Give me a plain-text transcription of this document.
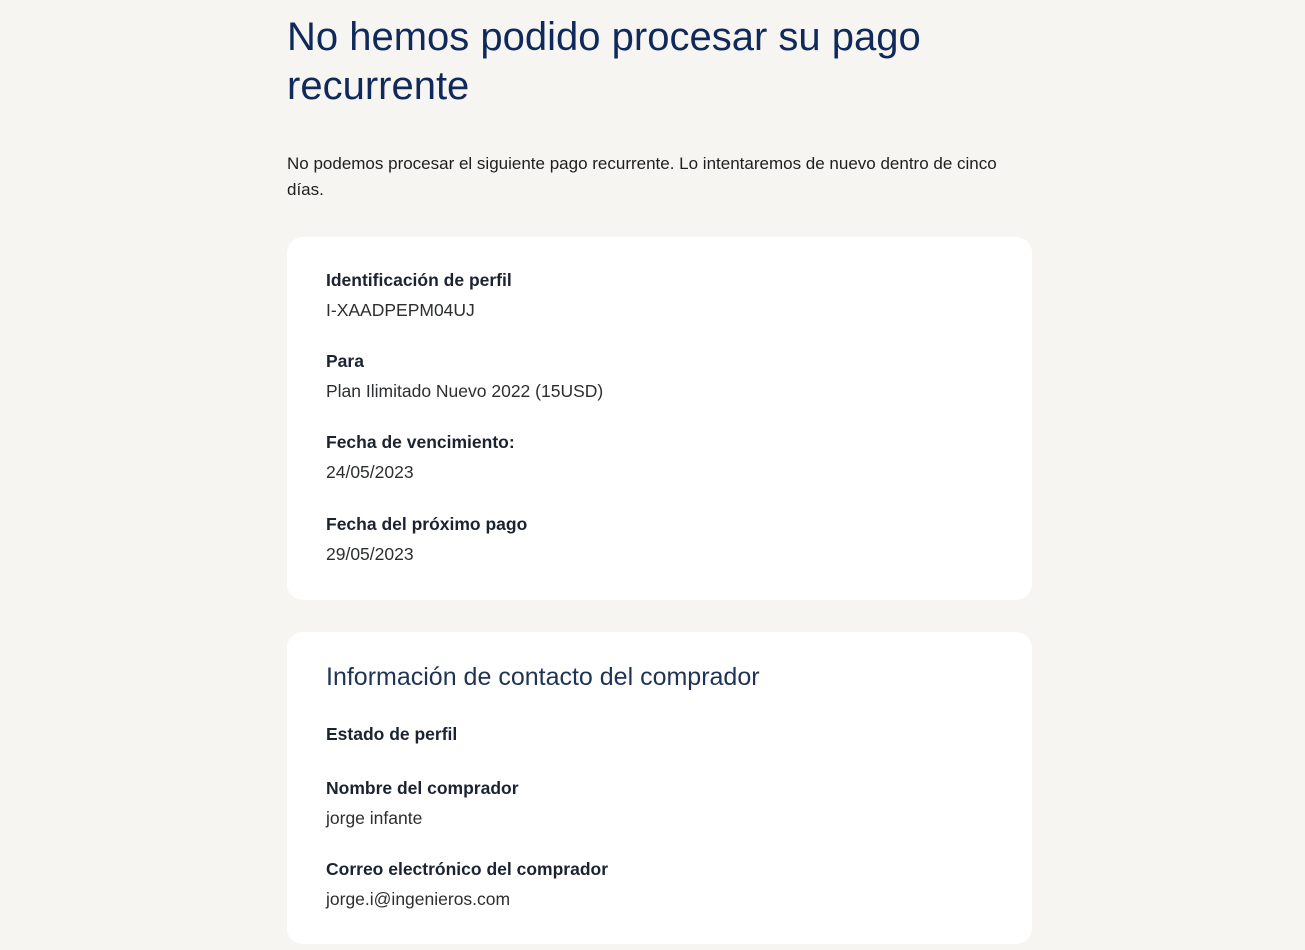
No hemos podido procesar su pago recurrente

No podemos procesar el siguiente pago recurrente. Lo intentaremos de nuevo dentro de cinco días.

Identificación de perfil
I-XAADPEPM04UJ
Para
Plan Ilimitado Nuevo 2022 (15USD)
Fecha de vencimiento:
24/05/2023
Fecha del próximo pago
29/05/2023
Información de contacto del comprador
Estado de perfil
Nombre del comprador
jorge infante
Correo electrónico del comprador
jorge.i@ingenieros.com
